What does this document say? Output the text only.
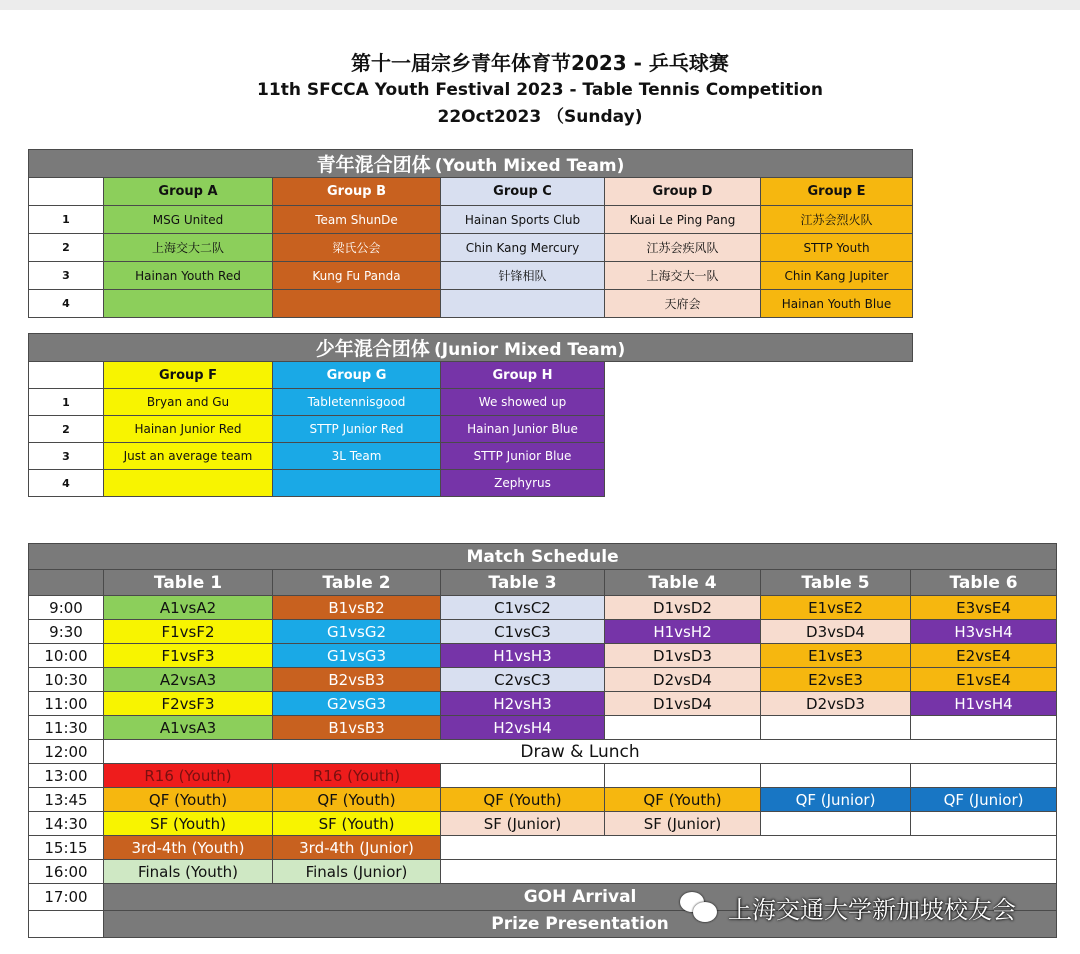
第十一届宗乡青年体育节2023 - 乒乓球赛
11th SFCCA Youth Festival 2023 - Table Tennis Competition
22Oct2023 （Sunday)
青年混合团体 (Youth Mixed Team)					
	Group A	Group B	Group C	Group D	Group E
1	MSG United	Team ShunDe	Hainan Sports Club	Kuai Le Ping Pang	江苏会烈火队
2	上海交大二队	梁氏公会	Chin Kang Mercury	江苏会疾风队	STTP Youth
3	Hainan Youth Red	Kung Fu Panda	针锋相队	上海交大一队	Chin Kang Jupiter
4				天府会	Hainan Youth Blue
少年混合团体 (Junior Mixed Team)				
	Group F	Group G	Group H	
1	Bryan and Gu	Tabletennisgood	We showed up	
2	Hainan Junior Red	STTP Junior Red	Hainan Junior Blue	
3	Just an average team	3L Team	STTP Junior Blue	
4			Zephyrus	
Match Schedule						
	Table 1	Table 2	Table 3	Table 4	Table 5	Table 6
9:00	A1vsA2	B1vsB2	C1vsC2	D1vsD2	E1vsE2	E3vsE4
9:30	F1vsF2	G1vsG2	C1vsC3	H1vsH2	D3vsD4	H3vsH4
10:00	F1vsF3	G1vsG3	H1vsH3	D1vsD3	E1vsE3	E2vsE4
10:30	A2vsA3	B2vsB3	C2vsC3	D2vsD4	E2vsE3	E1vsE4
11:00	F2vsF3	G2vsG3	H2vsH3	D1vsD4	D2vsD3	H1vsH4
11:30	A1vsA3	B1vsB3	H2vsH4			
12:00	Draw & Lunch					
13:00	R16 (Youth)	R16 (Youth)				
13:45	QF (Youth)	QF (Youth)	QF (Youth)	QF (Youth)	QF (Junior)	QF (Junior)
14:30	SF (Youth)	SF (Youth)	SF (Junior)	SF (Junior)		
15:15	3rd-4th (Youth)	3rd-4th (Junior)				
16:00	Finals (Youth)	Finals (Junior)				
17:00	GOH Arrival					
	Prize Presentation					
上海交通大学新加坡校友会
